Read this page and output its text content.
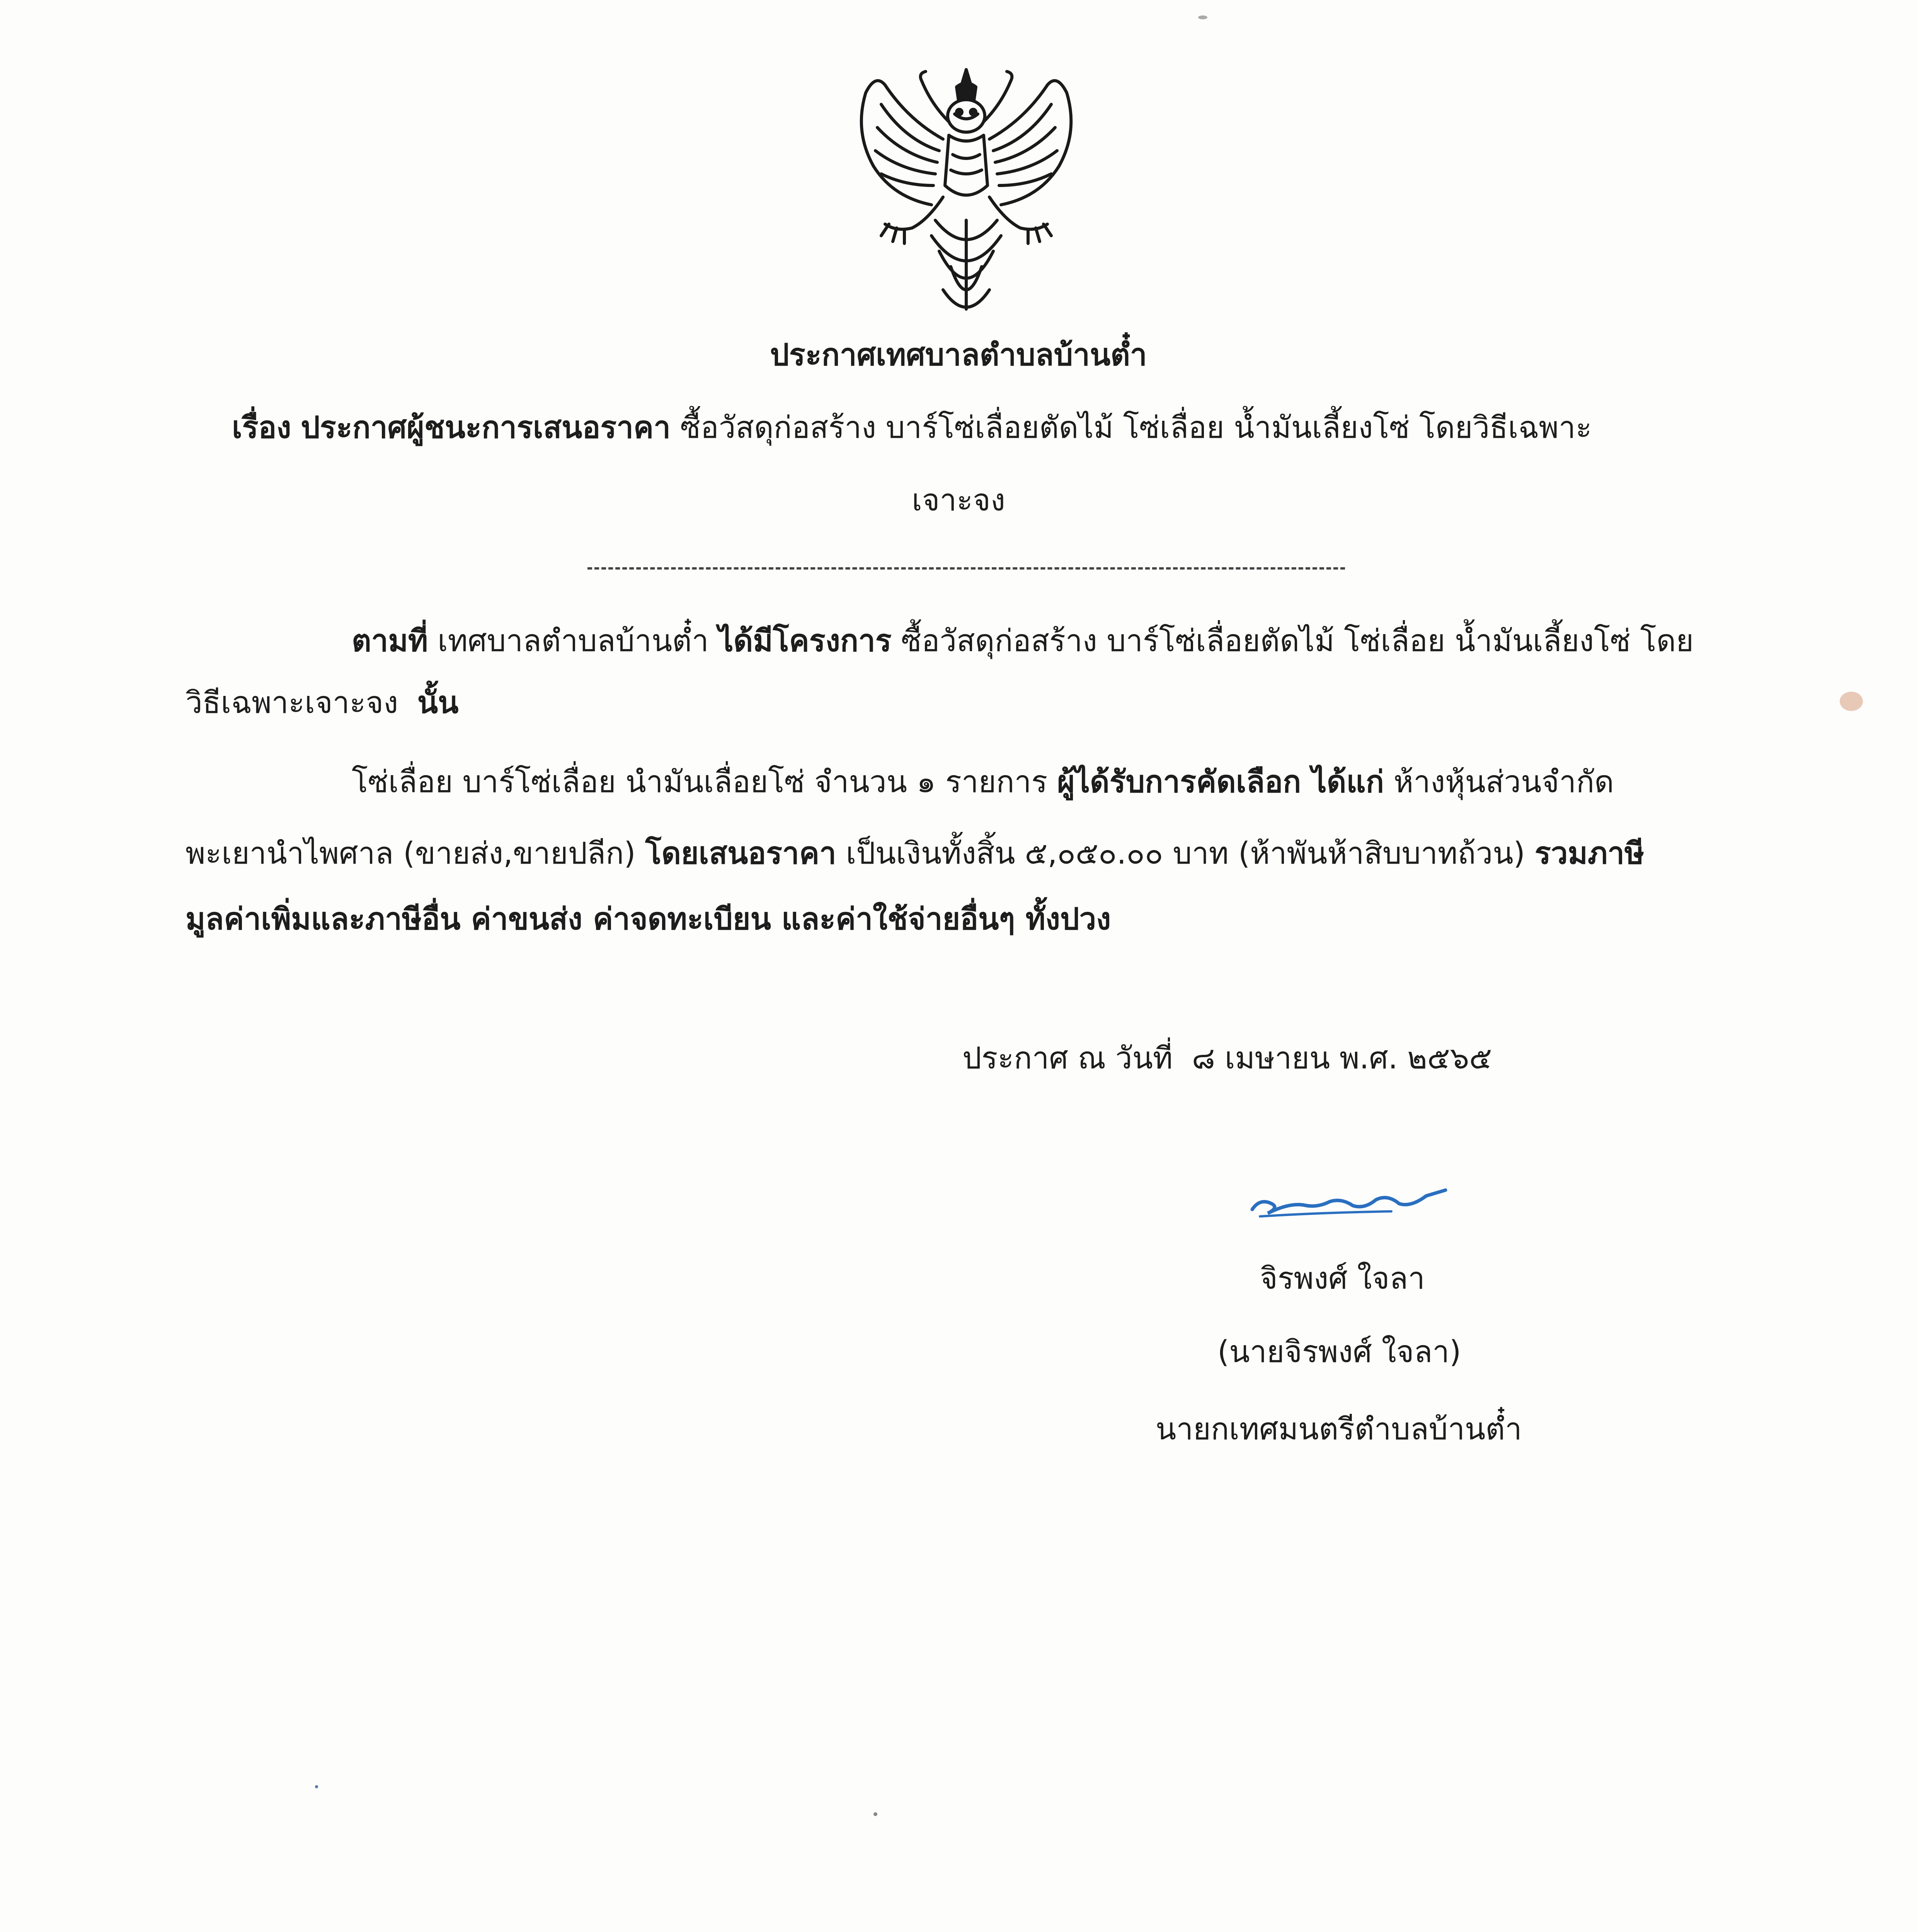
ประกาศเทศบาลตำบลบ้านต๋ำ
เรื่อง ประกาศผู้ชนะการเสนอราคา ซื้อวัสดุก่อสร้าง บาร์โซ่เลื่อยตัดไม้ โซ่เลื่อย น้ำมันเลี้ยงโซ่ โดยวิธีเฉพาะ
เจาะจง
ตามที่ เทศบาลตำบลบ้านต๋ำ ได้มีโครงการ ซื้อวัสดุก่อสร้าง บาร์โซ่เลื่อยตัดไม้ โซ่เลื่อย น้ำมันเลี้ยงโซ่ โดย
วิธีเฉพาะเจาะจง นั้น
โซ่เลื่อย บาร์โซ่เลื่อย นำมันเลื่อยโซ่ จำนวน ๑ รายการ ผู้ได้รับการคัดเลือก ได้แก่ ห้างหุ้นส่วนจำกัด
พะเยานำไพศาล (ขายส่ง,ขายปลีก) โดยเสนอราคา เป็นเงินทั้งสิ้น ๕,๐๕๐.๐๐ บาท (ห้าพันห้าสิบบาทถ้วน) รวมภาษี
มูลค่าเพิ่มและภาษีอื่น ค่าขนส่ง ค่าจดทะเบียน และค่าใช้จ่ายอื่นๆ ทั้งปวง
ประกาศ ณ วันที่ ๘ เมษายน พ.ศ. ๒๕๖๕
จิรพงศ์ ใจลา
(นายจิรพงศ์ ใจลา)
นายกเทศมนตรีตำบลบ้านต๋ำ
